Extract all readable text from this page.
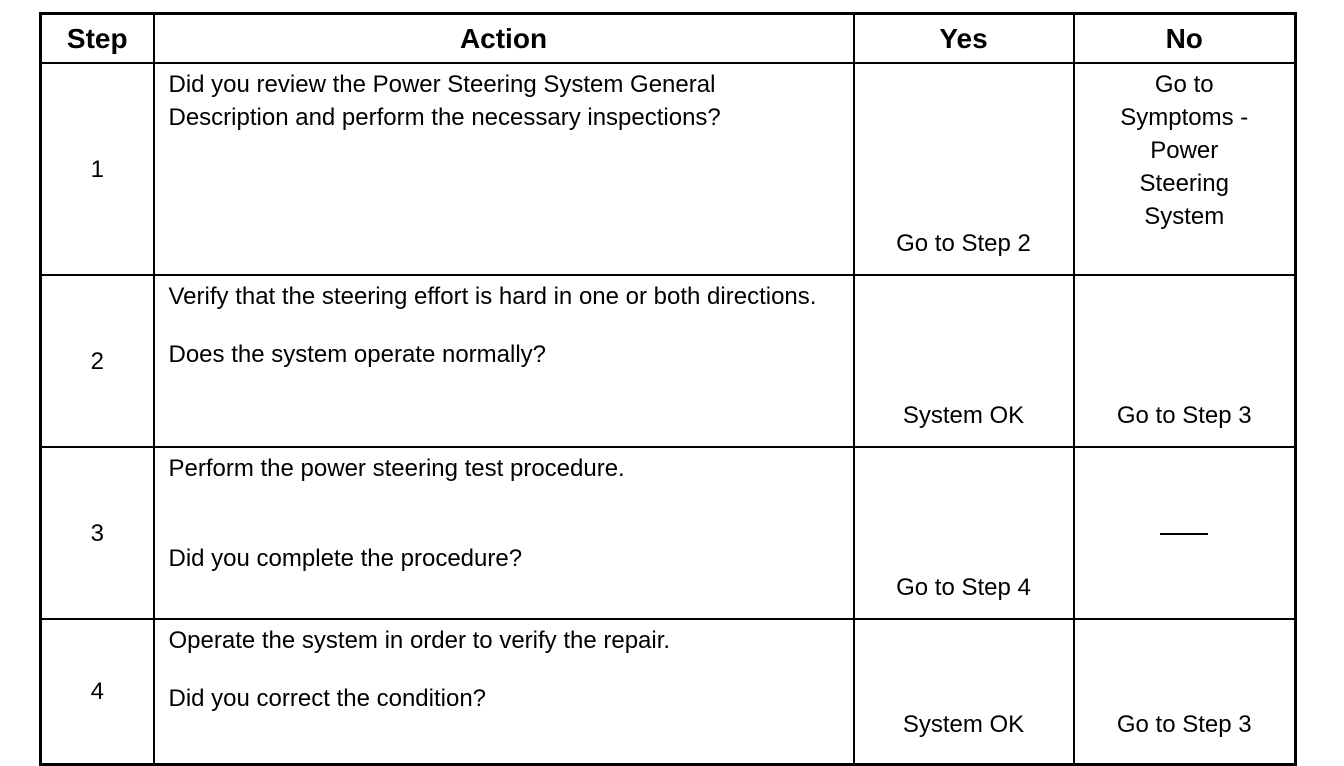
Step	Action	Yes	No
1	Did you review the Power Steering System General Description and perform the necessary inspections?	Go to Step 2	Go to Symptoms - Power Steering System

2	Verify that the steering effort is hard in one or both directions.
Does the system operate normally?	System OK	Go to Step 3
3	Perform the power steering test procedure.
Did you complete the procedure?	Go to Step 4	
4	Operate the system in order to verify the repair.
Did you correct the condition?	System OK	Go to Step 3
